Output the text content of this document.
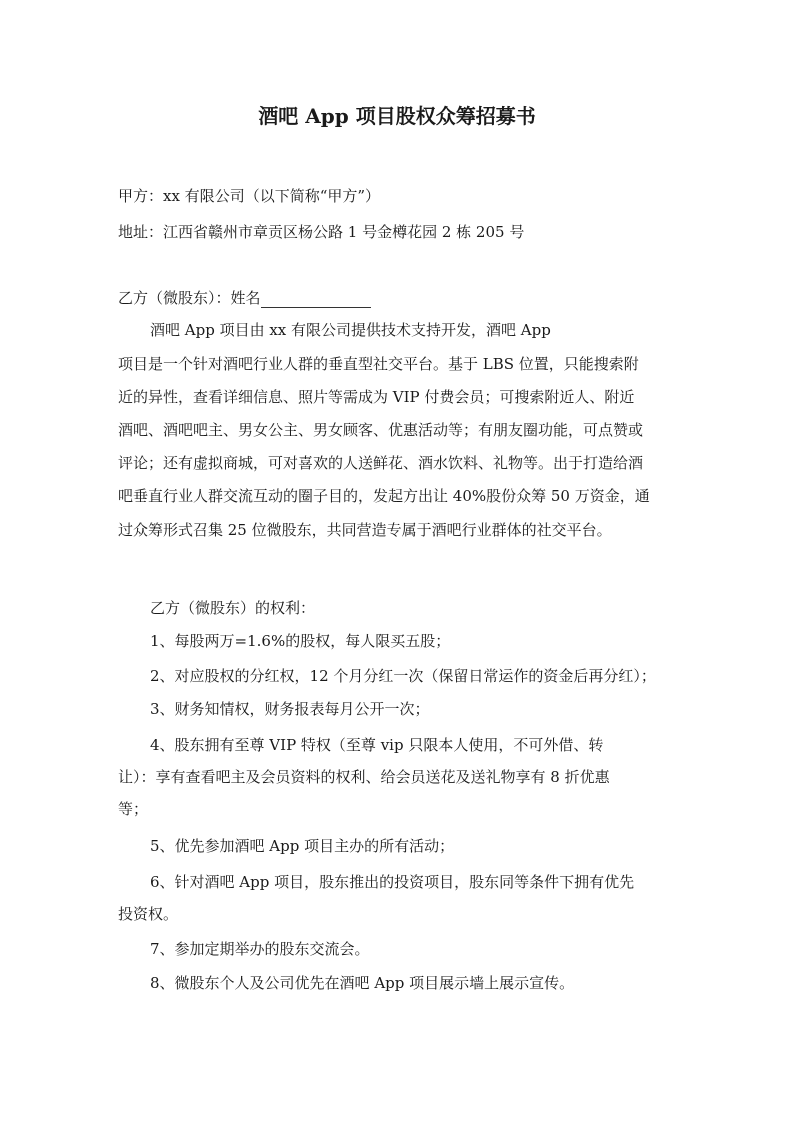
酒吧 App 项目股权众筹招募书
甲方：xx 有限公司（以下简称“甲方”）
地址：江西省赣州市章贡区杨公路 1 号金樽花园 2 栋 205 号
乙方（微股东）：姓名
酒吧 App 项目由 xx 有限公司提供技术支持开发，酒吧 App
项目是一个针对酒吧行业人群的垂直型社交平台。基于 LBS 位置，只能搜索附
近的异性，查看详细信息、照片等需成为 VIP 付费会员；可搜索附近人、附近
酒吧、酒吧吧主、男女公主、男女顾客、优惠活动等；有朋友圈功能，可点赞或
评论；还有虚拟商城，可对喜欢的人送鲜花、酒水饮料、礼物等。出于打造给酒
吧垂直行业人群交流互动的圈子目的，发起方出让 40%股份众筹 50 万资金，通
过众筹形式召集 25 位微股东，共同营造专属于酒吧行业群体的社交平台。
乙方（微股东）的权利：
1、每股两万=1.6%的股权，每人限买五股；
2、对应股权的分红权，12 个月分红一次（保留日常运作的资金后再分红）；
3、财务知情权，财务报表每月公开一次；
4、股东拥有至尊 VIP 特权（至尊 vip 只限本人使用，不可外借、转
让）：享有查看吧主及会员资料的权利、给会员送花及送礼物享有 8 折优惠
等；
5、优先参加酒吧 App 项目主办的所有活动；
6、针对酒吧 App 项目，股东推出的投资项目，股东同等条件下拥有优先
投资权。
7、参加定期举办的股东交流会。
8、微股东个人及公司优先在酒吧 App 项目展示墙上展示宣传。
